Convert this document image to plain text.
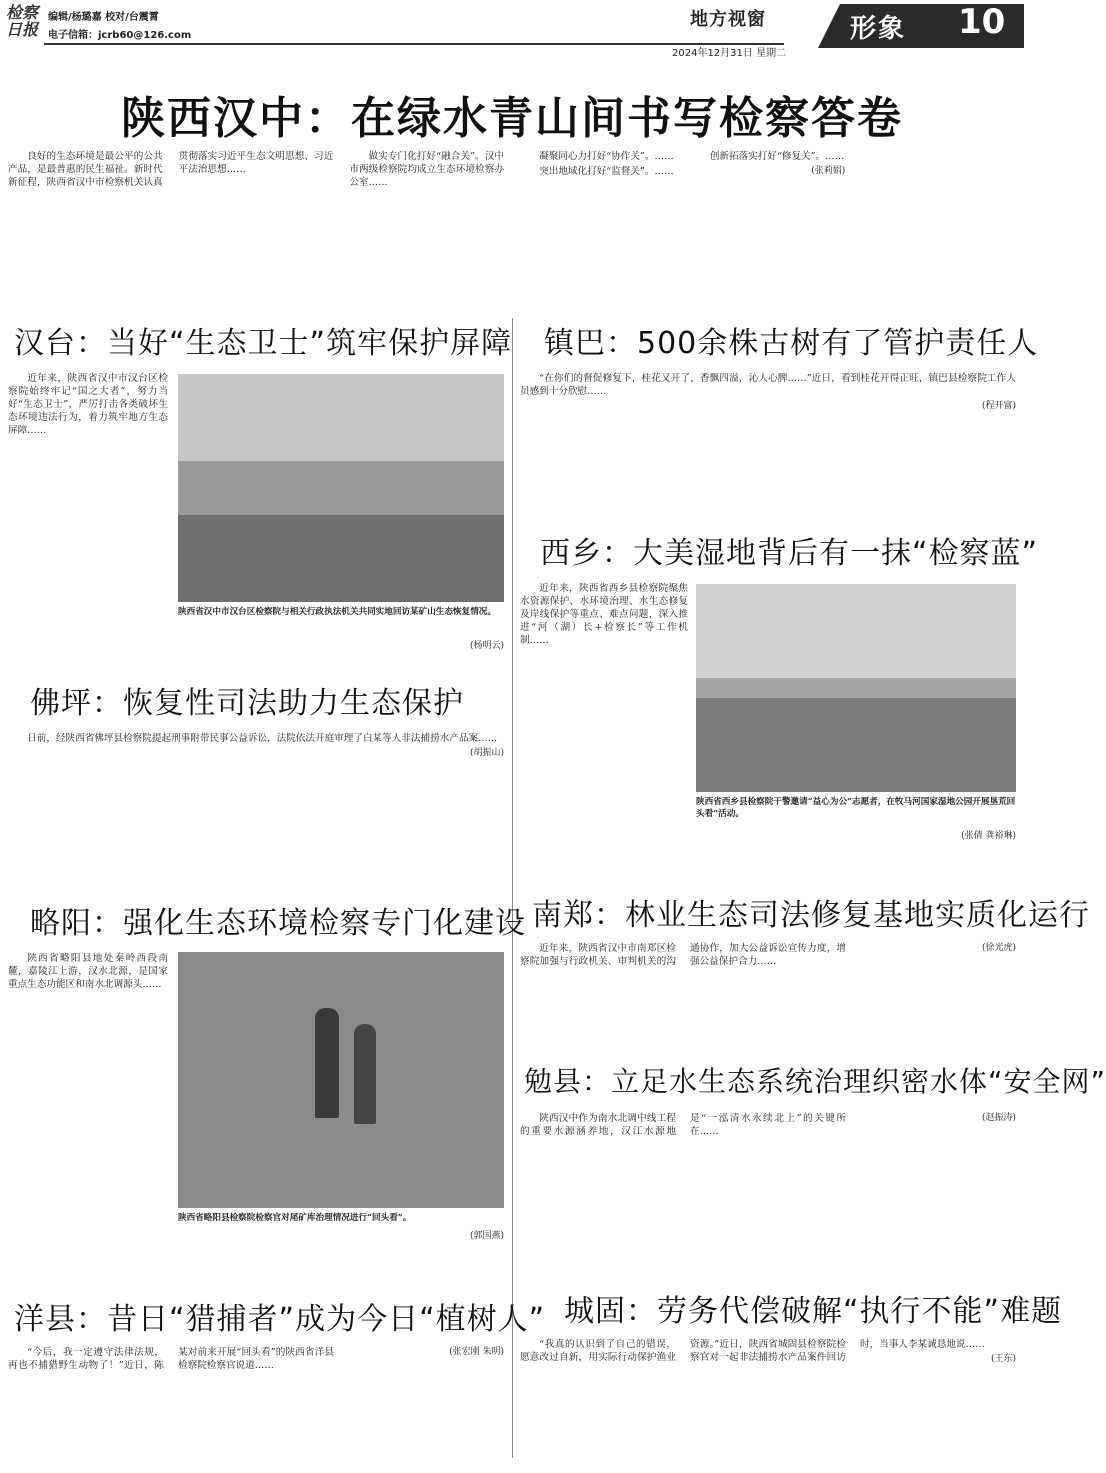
检察日报
编辑/杨璐嘉 校对/台震霄
电子信箱：jcrb60@126.com
地方视窗
2024年12月31日 星期二
形象 10
陕西汉中：在绿水青山间书写检察答卷

良好的生态环境是最公平的公共产品，是最普惠的民生福祉。新时代新征程，陕西省汉中市检察机关认真贯彻落实习近平生态文明思想、习近平法治思想……

做实专门化打好“融合关”。汉中市两级检察院均成立生态环境检察办公室……

凝聚同心力打好“协作关”。……

突出地域化打好“监督关”。……

创新拓落实打好“修复关”。……

(张莉娟)
汉台：当好“生态卫士”筑牢保护屏障

近年来，陕西省汉中市汉台区检察院始终牢记“国之大者”，努力当好“生态卫士”，严厉打击各类破坏生态环境违法行为，着力筑牢地方生态屏障……

陕西省汉中市汉台区检察院与相关行政执法机关共同实地回访某矿山生态恢复情况。
(杨明云)
佛坪：恢复性司法助力生态保护

日前，经陕西省佛坪县检察院提起刑事附带民事公益诉讼，法院依法开庭审理了白某等人非法捕捞水产品案……

(胡振山)
略阳：强化生态环境检察专门化建设

陕西省略阳县地处秦岭西段南麓，嘉陵江上游，汉水北源，是国家重点生态功能区和南水北调源头……

陕西省略阳县检察院检察官对尾矿库治理情况进行“回头看”。
(郭国燕)
洋县：昔日“猎捕者”成为今日“植树人”

“今后，我一定遵守法律法规，再也不捕猎野生动物了！”近日，陈某对前来开展“回头看”的陕西省洋县检察院检察官说道……

(张宏刚 朱明)
镇巴：500余株古树有了管护责任人

“在你们的督促修复下，桂花又开了，香飘四溢，沁人心脾……”近日，看到桂花开得正旺，镇巴县检察院工作人员感到十分欣慰……

(程开富)
西乡：大美湿地背后有一抹“检察蓝”

近年来，陕西省西乡县检察院聚焦水资源保护、水环境治理、水生态修复及岸线保护等重点、难点问题，深入推进“河（湖）长+检察长”等工作机制……

陕西省西乡县检察院干警邀请“益心为公”志愿者，在牧马河国家湿地公园开展垦荒回头看”活动。
(张倩 龚裕琳)
南郑：林业生态司法修复基地实质化运行

近年来，陕西省汉中市南郑区检察院加强与行政机关、审判机关的沟通协作，加大公益诉讼宣传力度，增强公益保护合力……

(徐光虎)
勉县：立足水生态系统治理织密水体“安全网”

陕西汉中作为南水北调中线工程的重要水源涵养地，汉江水源地是“一泓清水永续北上”的关键所在……

(赵振涛)
城固：劳务代偿破解“执行不能”难题

“我真的认识到了自己的错误，愿意改过自新，用实际行动保护渔业资源。”近日，陕西省城固县检察院检察官对一起非法捕捞水产品案件回访时，当事人李某诚恳地说……

(王东)
